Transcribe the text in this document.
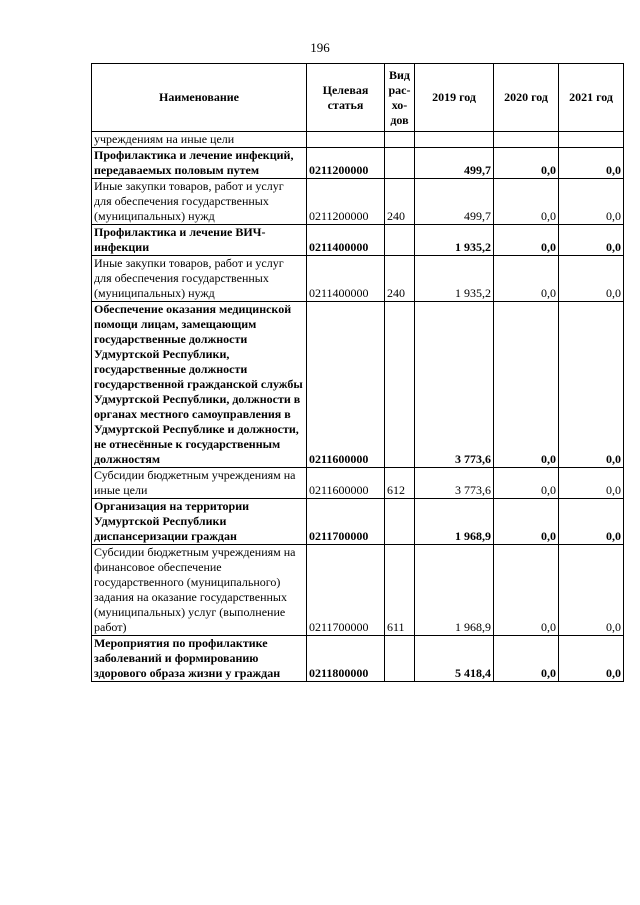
196
Наименование	Целевая статья	Вид рас-хо-дов	2019 год	2020 год	2021 год
учреждениям на иные цели					
Профилактика и лечение инфекций, передаваемых половым путем	0211200000		499,7	0,0	0,0
Иные закупки товаров, работ и услуг для обеспечения государственных (муниципальных) нужд	0211200000	240	499,7	0,0	0,0
Профилактика и лечение ВИЧ-инфекции	0211400000		1 935,2	0,0	0,0
Иные закупки товаров, работ и услуг для обеспечения государственных (муниципальных) нужд	0211400000	240	1 935,2	0,0	0,0
Обеспечение оказания медицинской помощи лицам, замещающим государственные должности Удмуртской Республики, государственные должности государственной гражданской службы Удмуртской Республики, должности в органах местного самоуправления в Удмуртской Республике и должности, не отнесённые к государственным должностям	0211600000		3 773,6	0,0	0,0
Субсидии бюджетным учреждениям на иные цели	0211600000	612	3 773,6	0,0	0,0
Организация на территории Удмуртской Республики диспансеризации граждан	0211700000		1 968,9	0,0	0,0
Субсидии бюджетным учреждениям на финансовое обеспечение государственного (муниципального) задания на оказание государственных (муниципальных) услуг (выполнение работ)	0211700000	611	1 968,9	0,0	0,0
Мероприятия по профилактике заболеваний и формированию здорового образа жизни у граждан	0211800000		5 418,4	0,0	0,0
